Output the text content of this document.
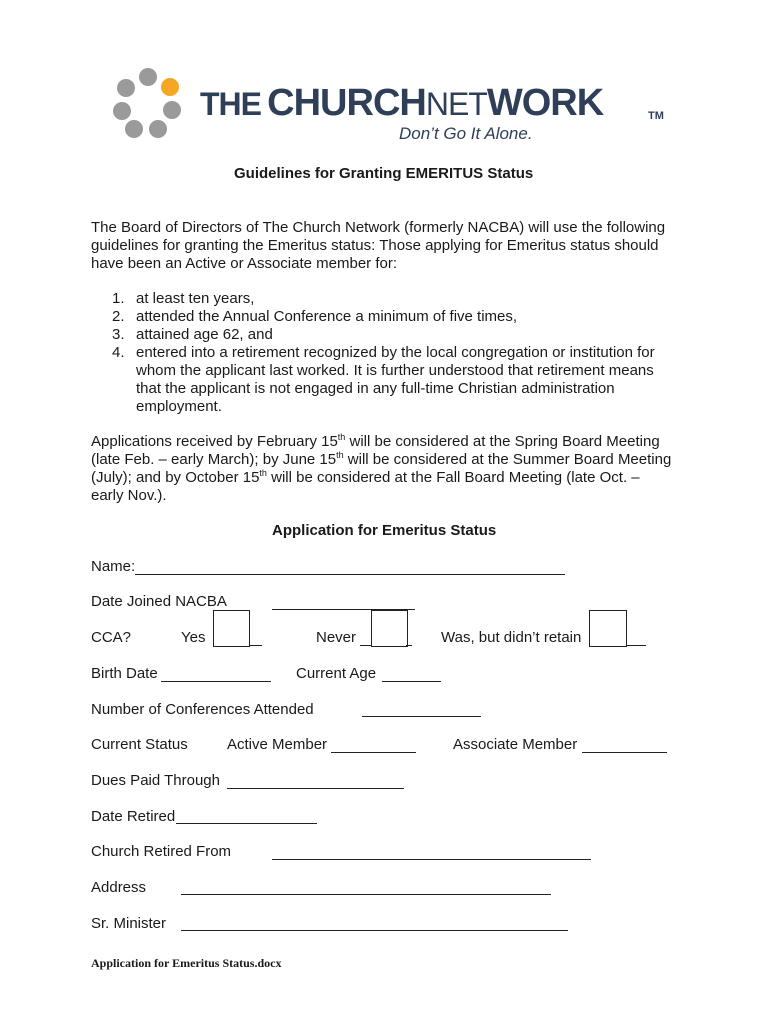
THE CHURCHNETWORK	TM
Don’t Go It Alone.
Guidelines for Granting EMERITUS Status
The Board of Directors of The Church Network (formerly NACBA) will use the following
guidelines for granting the Emeritus status: Those applying for Emeritus status should
have been an Active or Associate member for:
1. at least ten years,
2. attended the Annual Conference a minimum of five times,
3. attained age 62, and
4. entered into a retirement recognized by the local congregation or institution for
whom the applicant last worked. It is further understood that retirement means
that the applicant is not engaged in any full-time Christian administration
employment.
Applications received by February 15th will be considered at the Spring Board Meeting
(late Feb. – early March); by June 15th will be considered at the Summer Board Meeting
(July); and by October 15th will be considered at the Fall Board Meeting (late Oct. –
early Nov.).
Application for Emeritus Status
Name:
Date Joined NACBA
CCA?	Yes	Never	Was, but didn’t retain
Birth Date	Current Age
Number of Conferences Attended
Current Status	Active Member	Associate Member
Dues Paid Through
Date Retired
Church Retired From
Address
Sr. Minister
Application for Emeritus Status.docx
